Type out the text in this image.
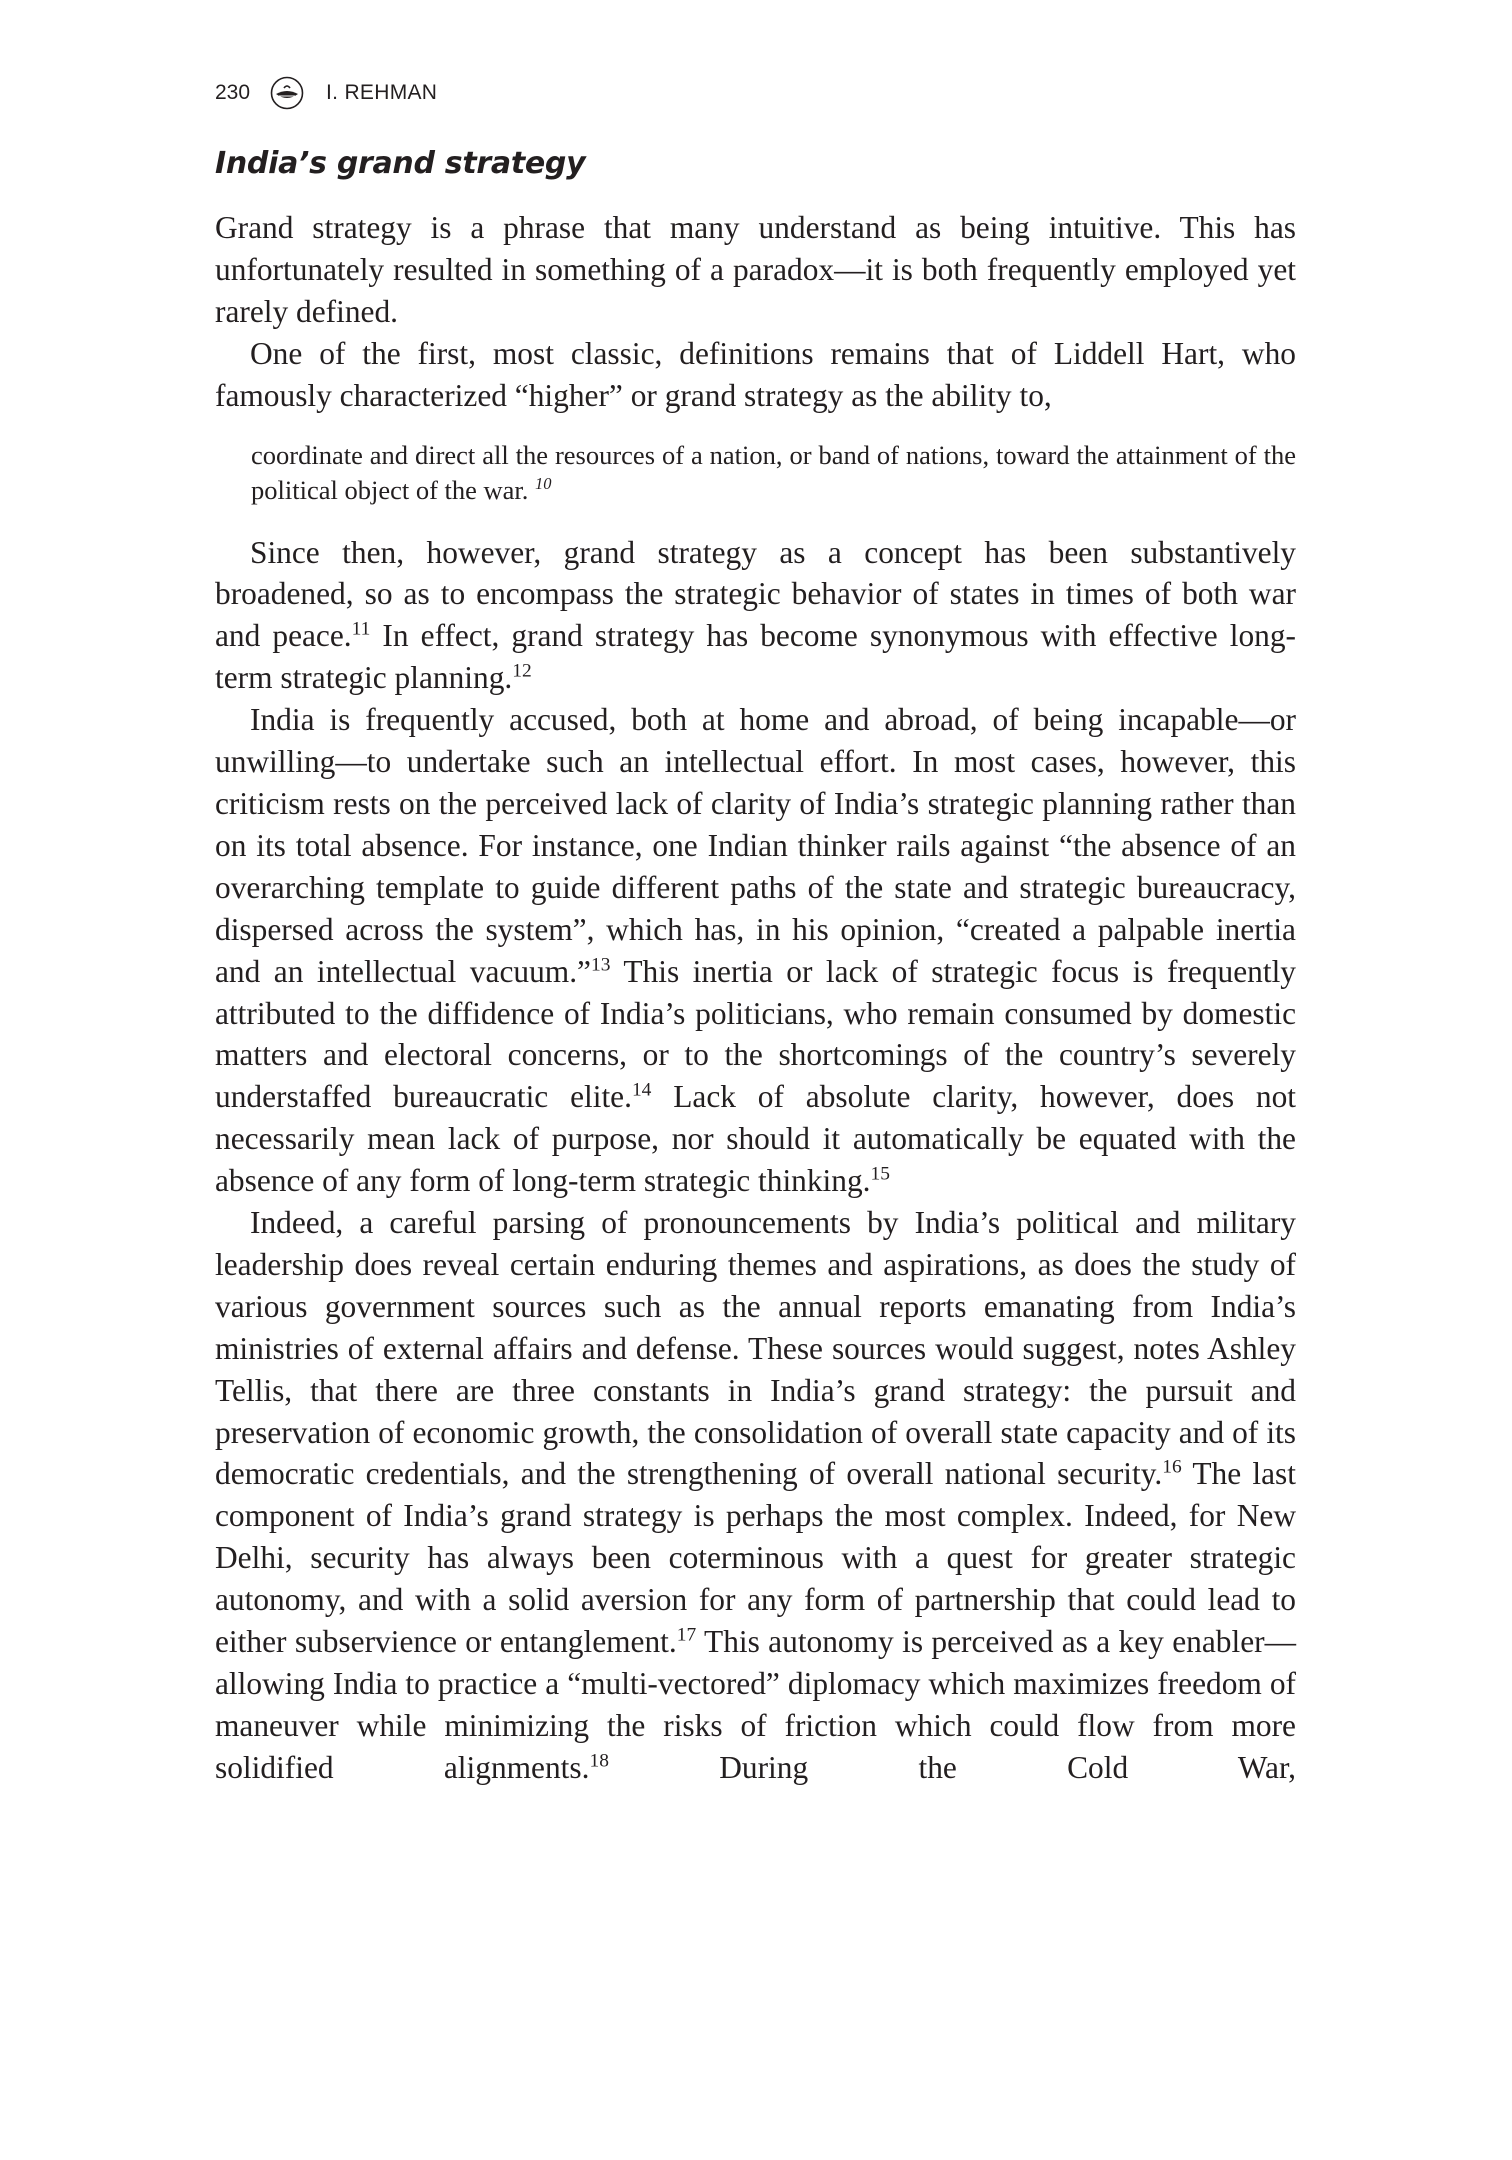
230	I. REHMAN
India’s grand strategy

Grand strategy is a phrase that many understand as being intuitive. This has unfortunately resulted in something of a paradox—it is both frequently employed yet rarely defined.

One of the first, most classic, definitions remains that of Liddell Hart, who famously characterized “higher” or grand strategy as the ability to,

coordinate and direct all the resources of a nation, or band of nations, toward the attainment of the political object of the war. $^{10}$

Since then, however, grand strategy as a concept has been substantively broadened, so as to encompass the strategic behavior of states in times of both war and peace.$^{11}$ In effect, grand strategy has become synonymous with effective long-term strategic planning.$^{12}$

India is frequently accused, both at home and abroad, of being incapable—or unwilling—to undertake such an intellectual effort. In most cases, however, this criticism rests on the perceived lack of clarity of India’s strategic planning rather than on its total absence. For instance, one Indian thinker rails against “the absence of an overarching template to guide different paths of the state and strategic bureaucracy, dispersed across the system”, which has, in his opinion, “created a palpable inertia and an intellectual vacuum.”$^{13}$ This inertia or lack of strategic focus is frequently attributed to the diffidence of India’s politicians, who remain consumed by domestic matters and electoral concerns, or to the shortcomings of the country’s severely understaffed bureaucratic elite.$^{14}$ Lack of absolute clarity, however, does not necessarily mean lack of purpose, nor should it automatically be equated with the absence of any form of long-term strategic thinking.$^{15}$

Indeed, a careful parsing of pronouncements by India’s political and military leadership does reveal certain enduring themes and aspirations, as does the study of various government sources such as the annual reports emanating from India’s ministries of external affairs and defense. These sources would suggest, notes Ashley Tellis, that there are three constants in India’s grand strategy: the pursuit and preservation of economic growth, the consolidation of overall state capacity and of its democratic credentials, and the strengthening of overall national security.$^{16}$ The last component of India’s grand strategy is perhaps the most complex. Indeed, for New Delhi, security has always been coterminous with a quest for greater strategic autonomy, and with a solid aversion for any form of partnership that could lead to either subservience or entanglement.$^{17}$ This autonomy is perceived as a key enabler—allowing India to practice a “multi-vectored” diplomacy which maximizes freedom of maneuver while minimizing the risks of friction which could flow from more solidified alignments.$^{18}$ During the Cold War,
